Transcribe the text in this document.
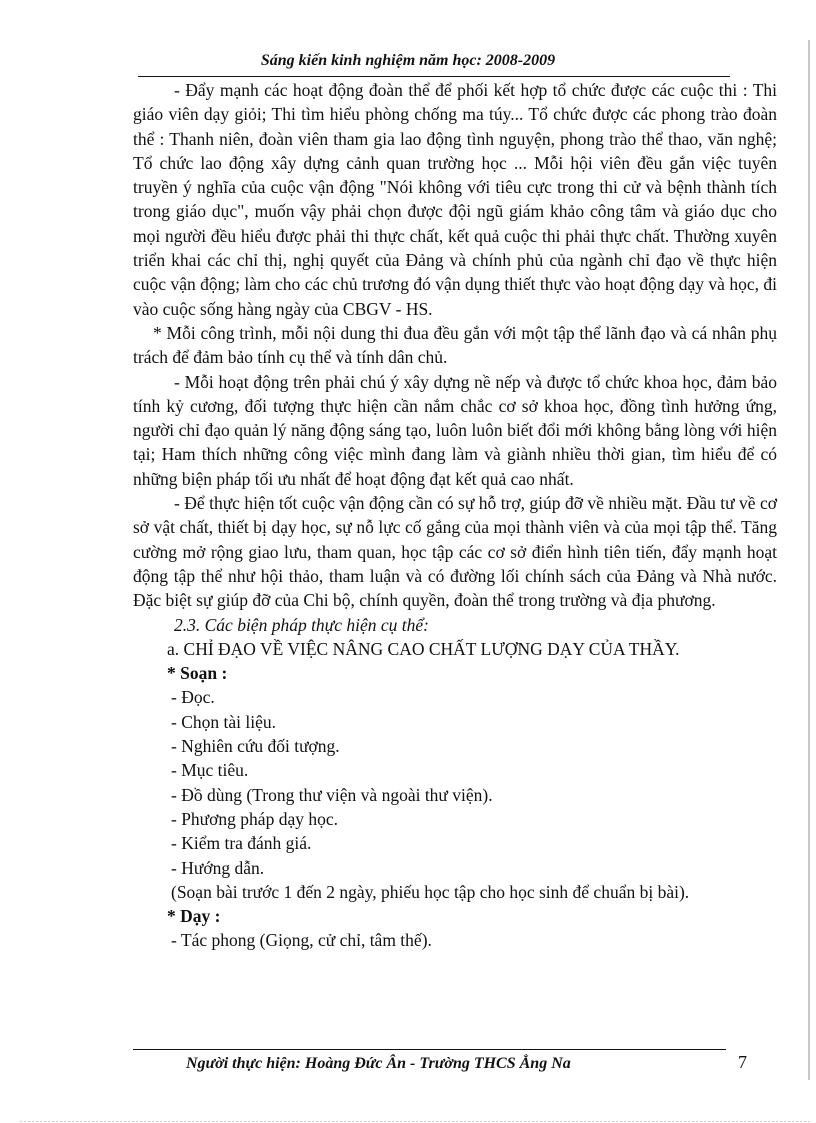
Sáng kiến kinh nghiệm năm học: 2008-2009

- Đẩy mạnh các hoạt động đoàn thể để phối kết hợp tổ chức được các cuộc thi : Thi giáo viên dạy giỏi; Thi tìm hiểu phòng chống ma túy... Tổ chức được các phong trào đoàn thể : Thanh niên, đoàn viên tham gia lao động tình nguyện, phong trào thể thao, văn nghệ; Tổ chức lao động xây dựng cảnh quan trường học ... Mỗi hội viên đều gắn việc tuyên truyền ý nghĩa của cuộc vận động "Nói không với tiêu cực trong thi cử và bệnh thành tích trong giáo dục", muốn vậy phải chọn được đội ngũ giám khảo công tâm và giáo dục cho mọi người đều hiểu được phải thi thực chất, kết quả cuộc thi phải thực chất. Thường xuyên triển khai các chỉ thị, nghị quyết của Đảng và chính phủ của ngành chỉ đạo về thực hiện cuộc vận động; làm cho các chủ trương đó vận dụng thiết thực vào hoạt động dạy và học, đi vào cuộc sống hàng ngày của CBGV - HS.

* Mỗi công trình, mỗi nội dung thi đua đều gắn với một tập thể lãnh đạo và cá nhân phụ trách để đảm bảo tính cụ thể và tính dân chủ.

- Mỗi hoạt động trên phải chú ý xây dựng nề nếp và được tổ chức khoa học, đảm bảo tính kỷ cương, đối tượng thực hiện cần nắm chắc cơ sở khoa học, đồng tình hưởng ứng, người chỉ đạo quản lý năng động sáng tạo, luôn luôn biết đổi mới không bằng lòng với hiện tại; Ham thích những công việc mình đang làm và giành nhiều thời gian, tìm hiểu để có những biện pháp tối ưu nhất để hoạt động đạt kết quả cao nhất.

- Để thực hiện tốt cuộc vận động cần có sự hỗ trợ, giúp đỡ về nhiều mặt. Đầu tư về cơ sở vật chất, thiết bị dạy học, sự nỗ lực cố gắng của mọi thành viên và của mọi tập thể. Tăng cường mở rộng giao lưu, tham quan, học tập các cơ sở điển hình tiên tiến, đẩy mạnh hoạt động tập thể như hội thảo, tham luận và có đường lối chính sách của Đảng và Nhà nước. Đặc biệt sự giúp đỡ của Chi bộ, chính quyền, đoàn thể trong trường và địa phương.

2.3. Các biện pháp thực hiện cụ thể:

a. CHỈ ĐẠO VỀ VIỆC NÂNG CAO CHẤT LƯỢNG DẠY CỦA THẦY.

* Soạn :

- Đọc.

- Chọn tài liệu.

- Nghiên cứu đối tượng.

- Mục tiêu.

- Đồ dùng (Trong thư viện và ngoài thư viện).

- Phương pháp dạy học.

- Kiểm tra đánh giá.

- Hướng dẫn.

(Soạn bài trước 1 đến 2 ngày, phiếu học tập cho học sinh để chuẩn bị bài).

* Dạy :

- Tác phong (Giọng, cử chỉ, tâm thế).

Người thực hiện: Hoàng Đức Ân - Trường THCS Ẳng Na	7
